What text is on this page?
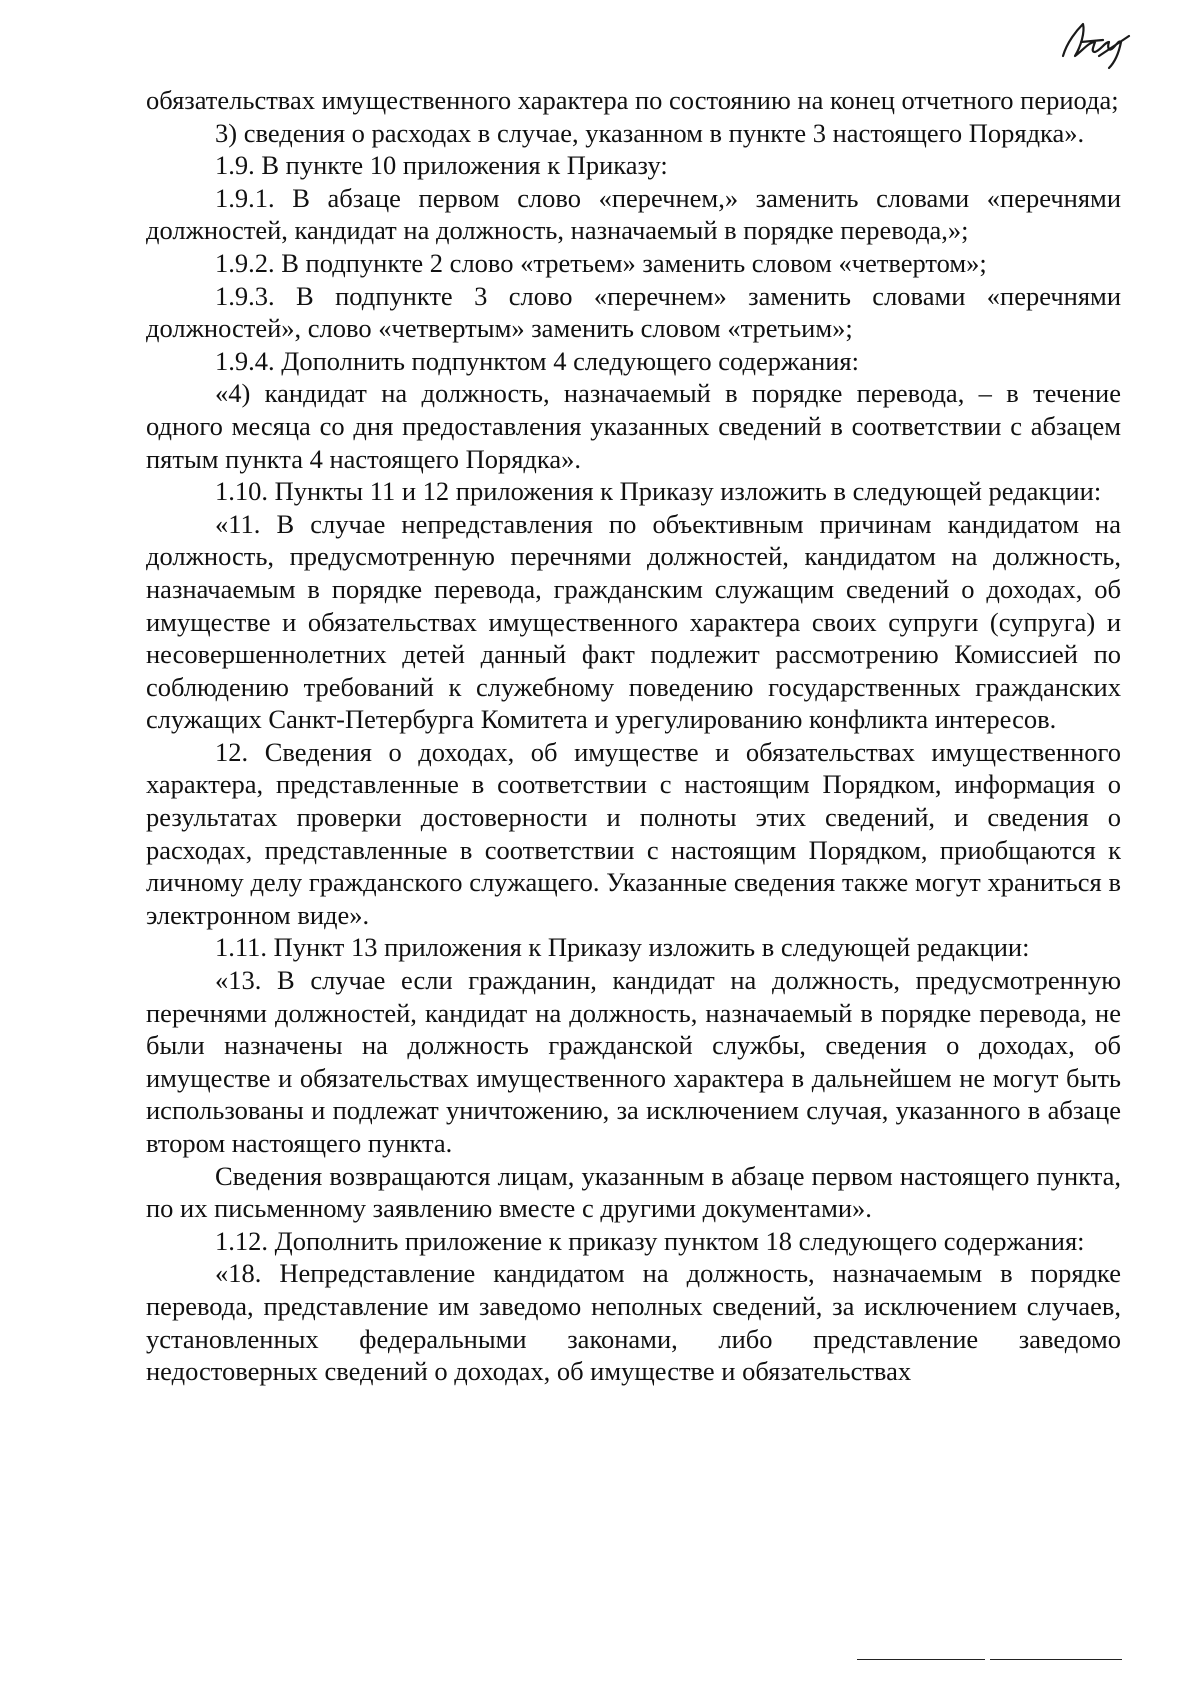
обязательствах имущественного характера по состоянию на конец отчетного периода;

3) сведения о расходах в случае, указанном в пункте 3 настоящего Порядка».

1.9. В пункте 10 приложения к Приказу:

1.9.1. В абзаце первом слово «перечнем,» заменить словами «перечнями должностей, кандидат на должность, назначаемый в порядке перевода,»;

1.9.2. В подпункте 2 слово «третьем» заменить словом «четвертом»;

1.9.3. В подпункте 3 слово «перечнем» заменить словами «перечнями должностей», слово «четвертым» заменить словом «третьим»;

1.9.4. Дополнить подпунктом 4 следующего содержания:

«4) кандидат на должность, назначаемый в порядке перевода, – в течение одного месяца со дня предоставления указанных сведений в соответствии с абзацем пятым пункта 4 настоящего Порядка».

1.10. Пункты 11 и 12 приложения к Приказу изложить в следующей редакции:

«11. В случае непредставления по объективным причинам кандидатом на должность, предусмотренную перечнями должностей, кандидатом на должность, назначаемым в порядке перевода, гражданским служащим сведений о доходах, об имуществе и обязательствах имущественного характера своих супруги (супруга) и несовершеннолетних детей данный факт подлежит рассмотрению Комиссией по соблюдению требований к служебному поведению государственных гражданских служащих Санкт-Петербурга Комитета и урегулированию конфликта интересов.

12. Сведения о доходах, об имуществе и обязательствах имущественного характера, представленные в соответствии с настоящим Порядком, информация о результатах проверки достоверности и полноты этих сведений, и сведения о расходах, представленные в соответствии с настоящим Порядком, приобщаются к личному делу гражданского служащего. Указанные сведения также могут храниться в электронном виде».

1.11. Пункт 13 приложения к Приказу изложить в следующей редакции:

«13. В случае если гражданин, кандидат на должность, предусмотренную перечнями должностей, кандидат на должность, назначаемый в порядке перевода, не были назначены на должность гражданской службы, сведения о доходах, об имуществе и обязательствах имущественного характера в дальнейшем не могут быть использованы и подлежат уничтожению, за исключением случая, указанного в абзаце втором настоящего пункта.

Сведения возвращаются лицам, указанным в абзаце первом настоящего пункта, по их письменному заявлению вместе с другими документами».

1.12. Дополнить приложение к приказу пунктом 18 следующего содержания:

«18. Непредставление кандидатом на должность, назначаемым в порядке перевода, представление им заведомо неполных сведений, за исключением случаев, установленных федеральными законами, либо представление заведомо недостоверных сведений о доходах, об имуществе и обязательствах
